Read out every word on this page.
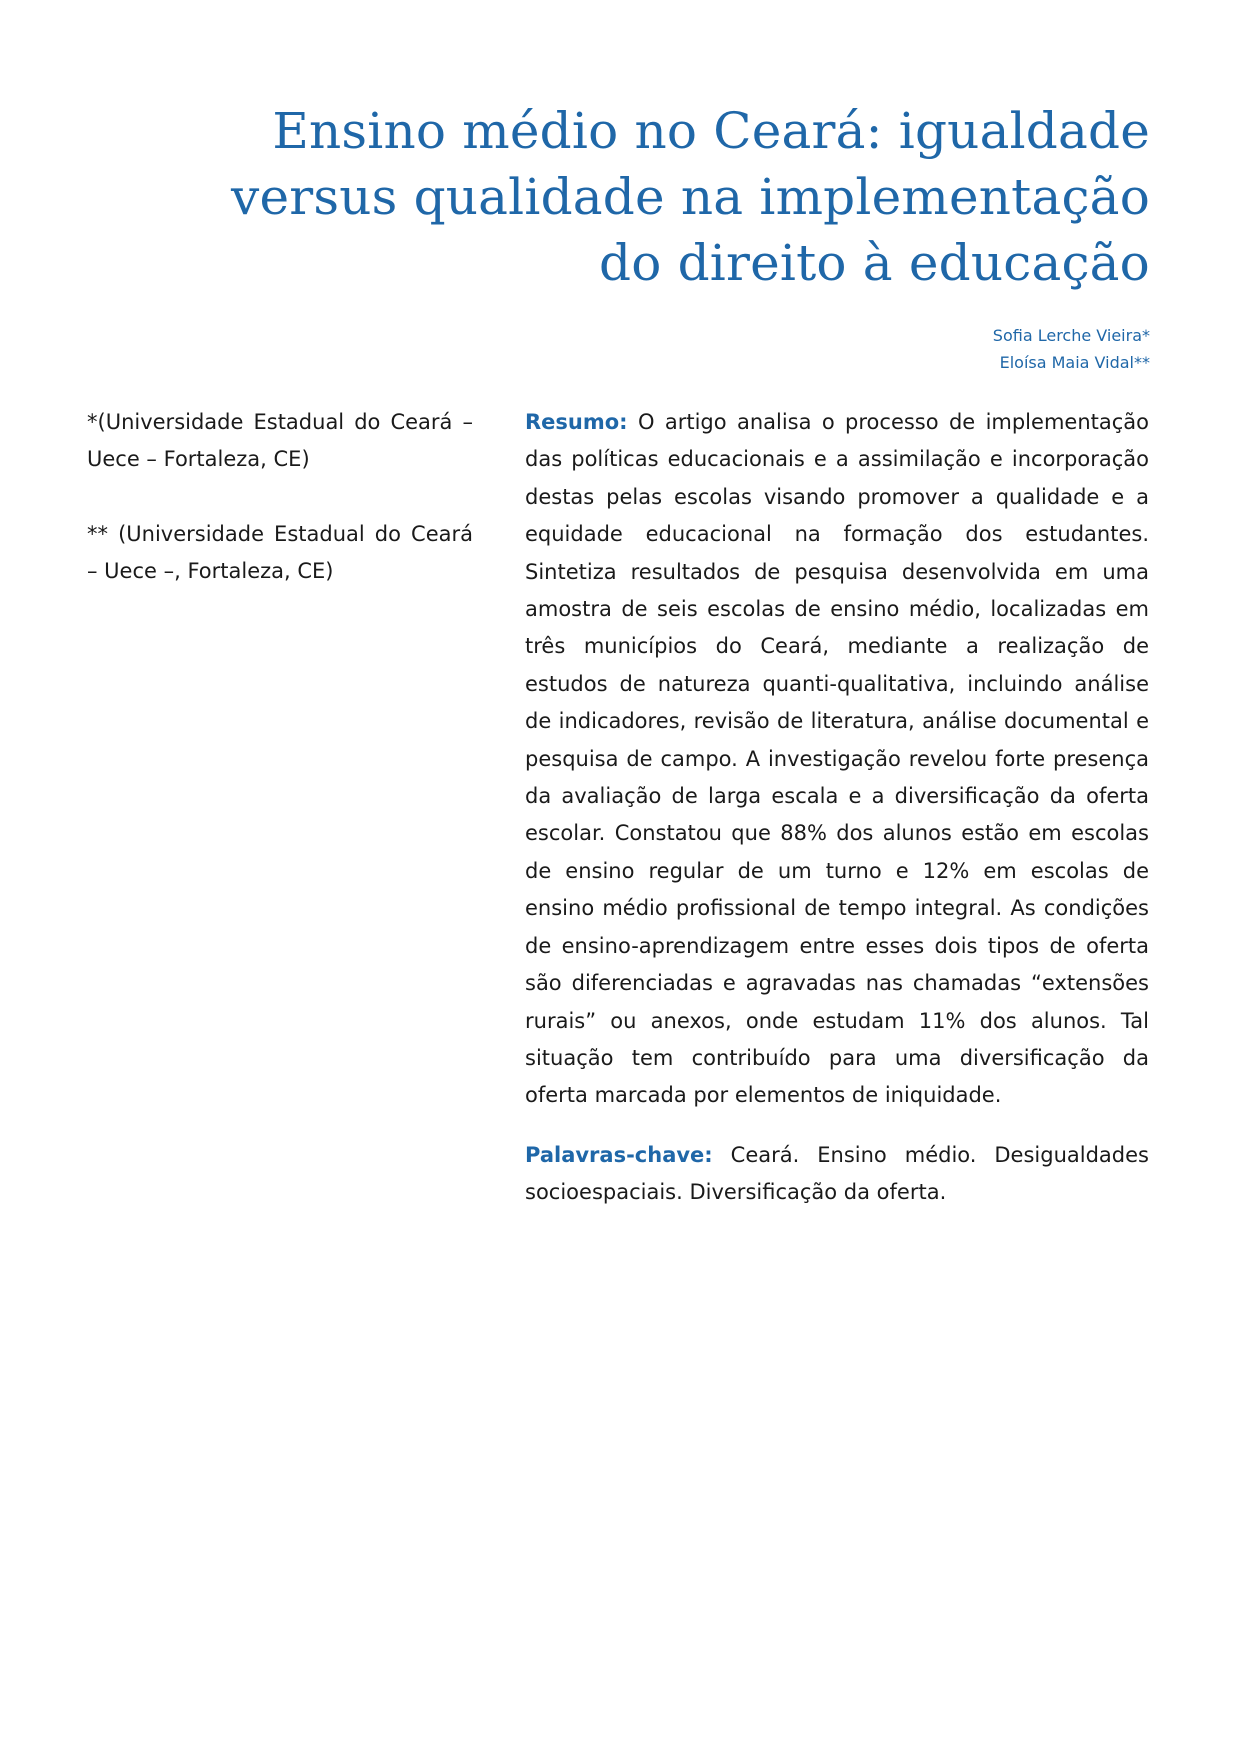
Ensino médio no Ceará: igualdade
versus qualidade na implementação
do direito à educação
Sofia Lerche Vieira*
Eloísa Maia Vidal**

*(Universidade Estadual do Ceará – Uece – Fortaleza, CE)

** (Universidade Estadual do Ceará – Uece –, Fortaleza, CE)

Resumo: O artigo analisa o processo de implementação das políticas educacionais e a assimilação e incorporação destas pelas escolas visando promover a qualidade e a equidade educacional na formação dos estudantes. Sintetiza resultados de pesquisa desenvolvida em uma amostra de seis escolas de ensino médio, localizadas em três municípios do Ceará, mediante a realização de estudos de natureza quanti-qualitativa, incluindo análise de indicadores, revisão de literatura, análise documental e pesquisa de campo. A investigação revelou forte presença da avaliação de larga escala e a diversificação da oferta escolar. Constatou que 88% dos alunos estão em escolas de ensino regular de um turno e 12% em escolas de ensino médio profissional de tempo integral. As condições de ensino-aprendizagem entre esses dois tipos de oferta são diferenciadas e agravadas nas chamadas “extensões rurais” ou anexos, onde estudam 11% dos alunos. Tal situação tem contribuído para uma diversificação da oferta marcada por elementos de iniquidade.

Palavras-chave: Ceará. Ensino médio. Desigualdades socioespaciais. Diversificação da oferta.
